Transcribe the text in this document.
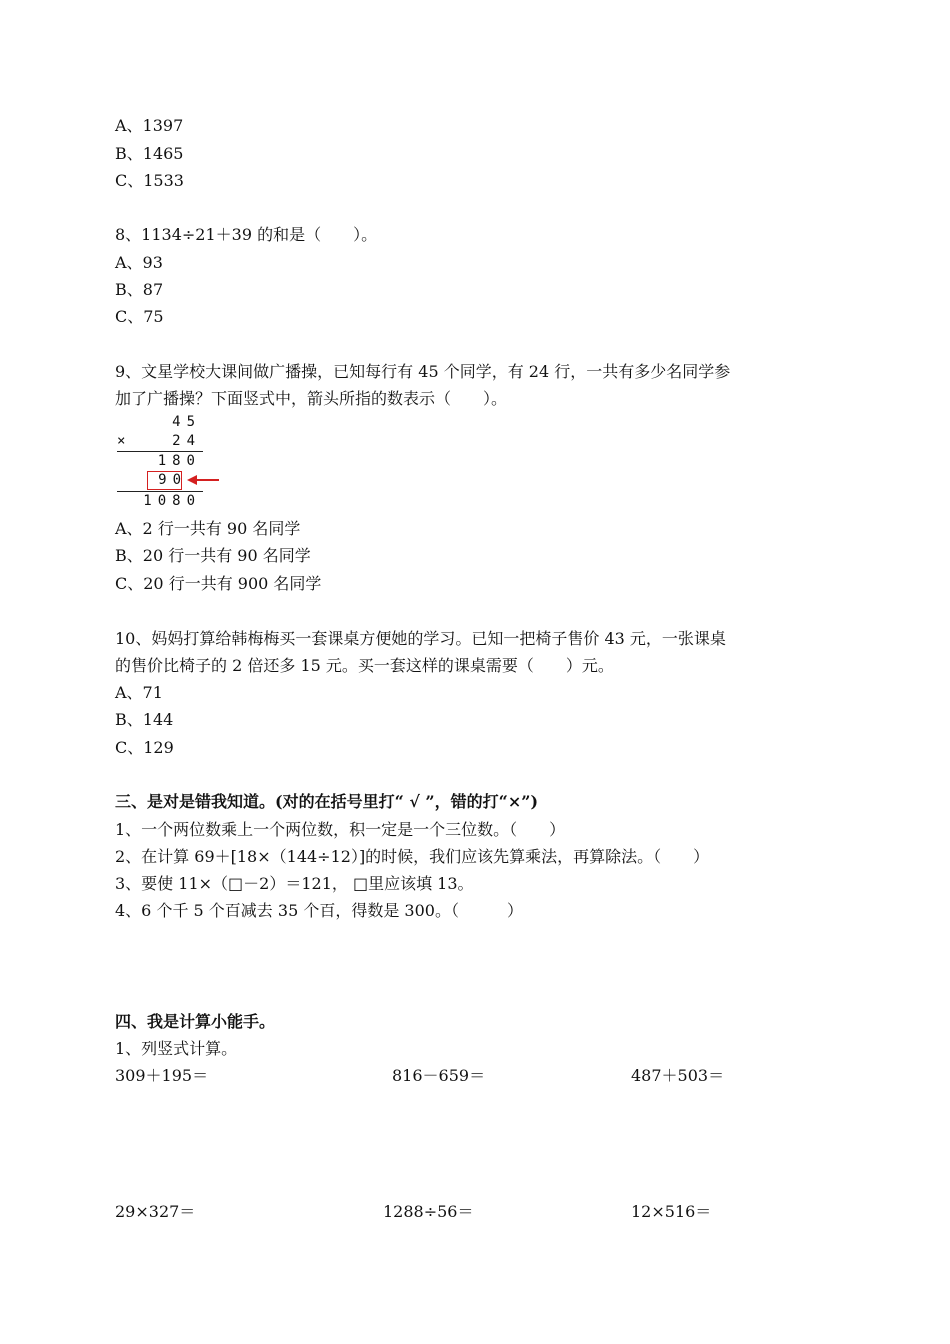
A、1397
B、1465
C、1533
8、1134÷21＋39 的和是（　　）。
A、93
B、87
C、75
9、文星学校大课间做广播操，已知每行有 45 个同学，有 24 行，一共有多少名同学参
加了广播操？下面竖式中，箭头所指的数表示（　　）。
45
×	24
180
90
1080
A、2 行一共有 90 名同学
B、20 行一共有 90 名同学
C、20 行一共有 900 名同学
10、妈妈打算给韩梅梅买一套课桌方便她的学习。已知一把椅子售价 43 元，一张课桌
的售价比椅子的 2 倍还多 15 元。买一套这样的课桌需要（　　）元。
A、71
B、144
C、129
三、是对是错我知道。(对的在括号里打“ √ ”，错的打“×”)
1、一个两位数乘上一个两位数，积一定是一个三位数。（　　）
2、在计算 69＋[18×（144÷12）]的时候，我们应该先算乘法，再算除法。（　　）
3、要使 11×（□－2）＝121， □里应该填 13。
4、6 个千 5 个百减去 35 个百，得数是 300。（　　　）
四、我是计算小能手。
1、列竖式计算。
309＋195＝	816－659＝	487＋503＝
29×327＝	1288÷56＝	12×516＝
